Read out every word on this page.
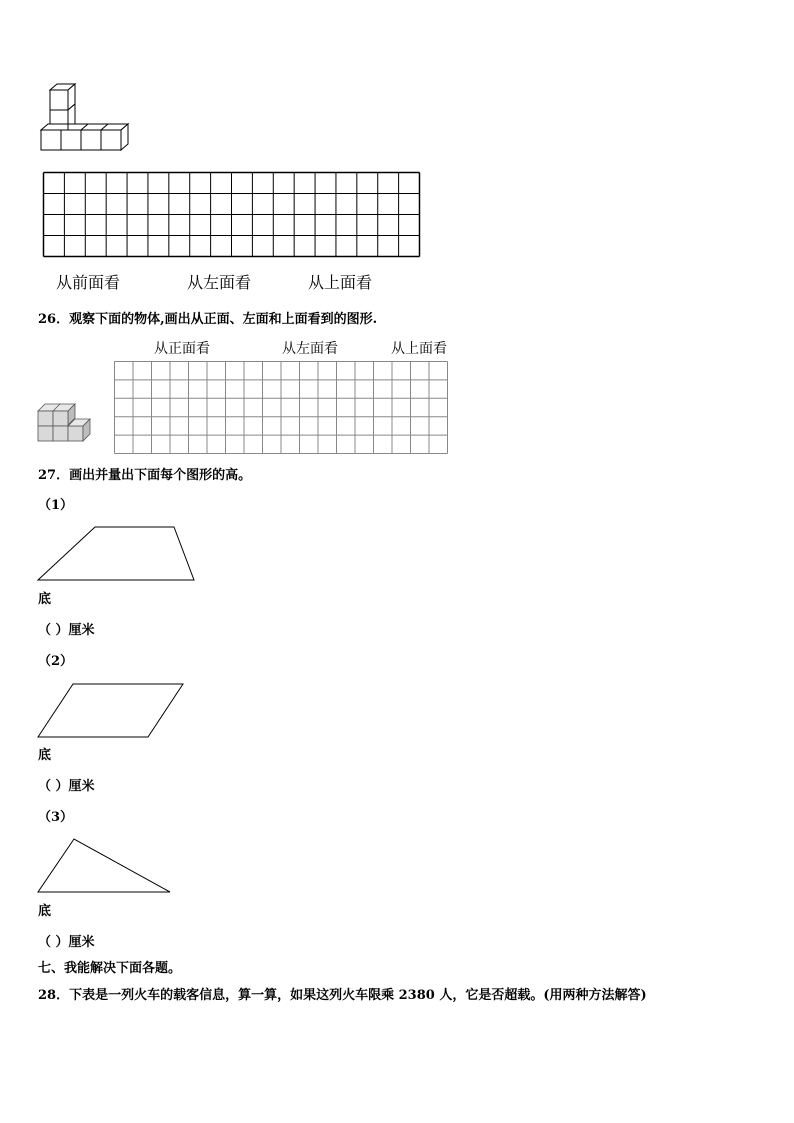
从前面看	从左面看	从上面看
26．观察下面的物体,画出从正面、左面和上面看到的图形.
从正面看	从左面看	从上面看
27．画出并量出下面每个图形的高。
（1）
底
（ ）厘米
（2）
底
（ ）厘米
（3）
底
（ ）厘米
七、我能解决下面各题。
28．下表是一列火车的载客信息，算一算，如果这列火车限乘 2380 人，它是否超载。(用两种方法解答)
